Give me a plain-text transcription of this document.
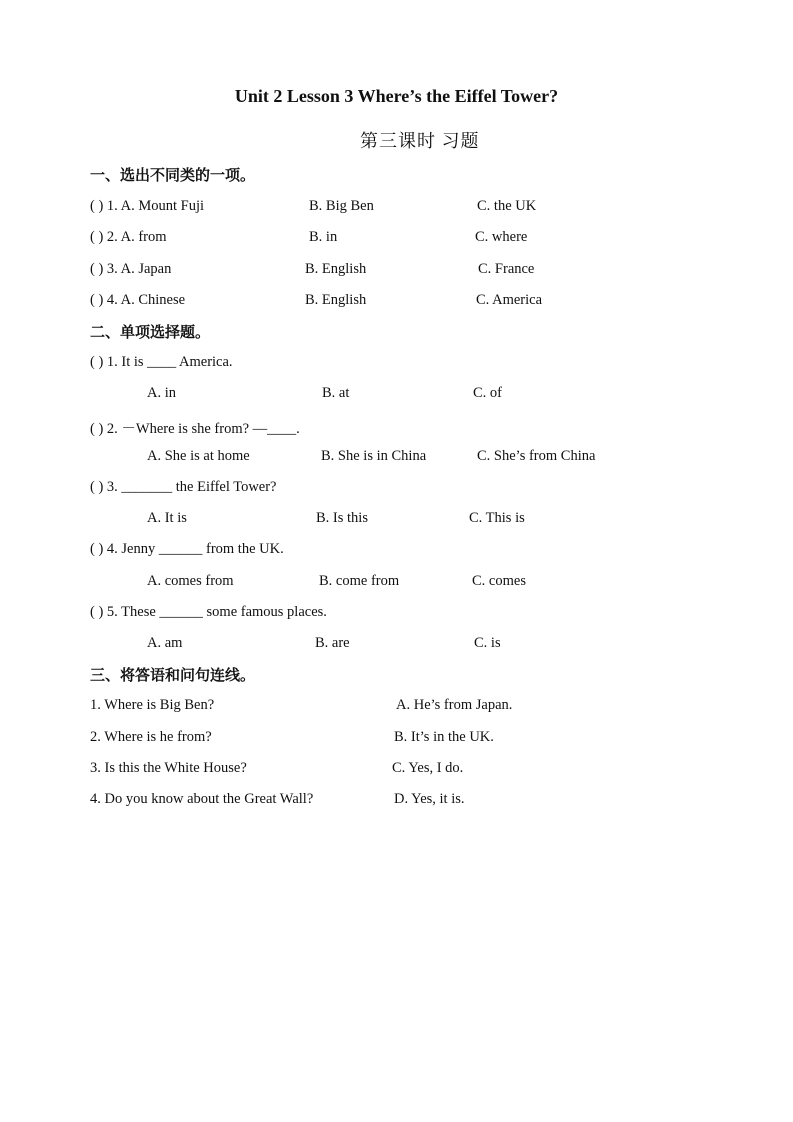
Unit 2 Lesson 3 Where’s the Eiffel Tower?
第三课时 习题
一、选出不同类的一项。
( ) 1. A. Mount Fuji	B. Big Ben	C. the UK
( ) 2. A. from	B. in	C. where
( ) 3. A. Japan	B. English	C. France
( ) 4. A. Chinese	B. English	C. America
二、单项选择题。
( ) 1. It is ____ America.
A. in	B. at	C. of
( ) 2. －Where is she from? —____.
A. She is at home	B. She is in China	C. She’s from China
( ) 3. _______ the Eiffel Tower?
A. It is	B. Is this	C. This is
( ) 4. Jenny ______ from the UK.
A. comes from	B. come from	C. comes
( ) 5. These ______ some famous places.
A. am	B. are	C. is
三、将答语和问句连线。
1. Where is Big Ben?	A. He’s from Japan.
2. Where is he from?	B. It’s in the UK.
3. Is this the White House?	C. Yes, I do.
4. Do you know about the Great Wall?	D. Yes, it is.
